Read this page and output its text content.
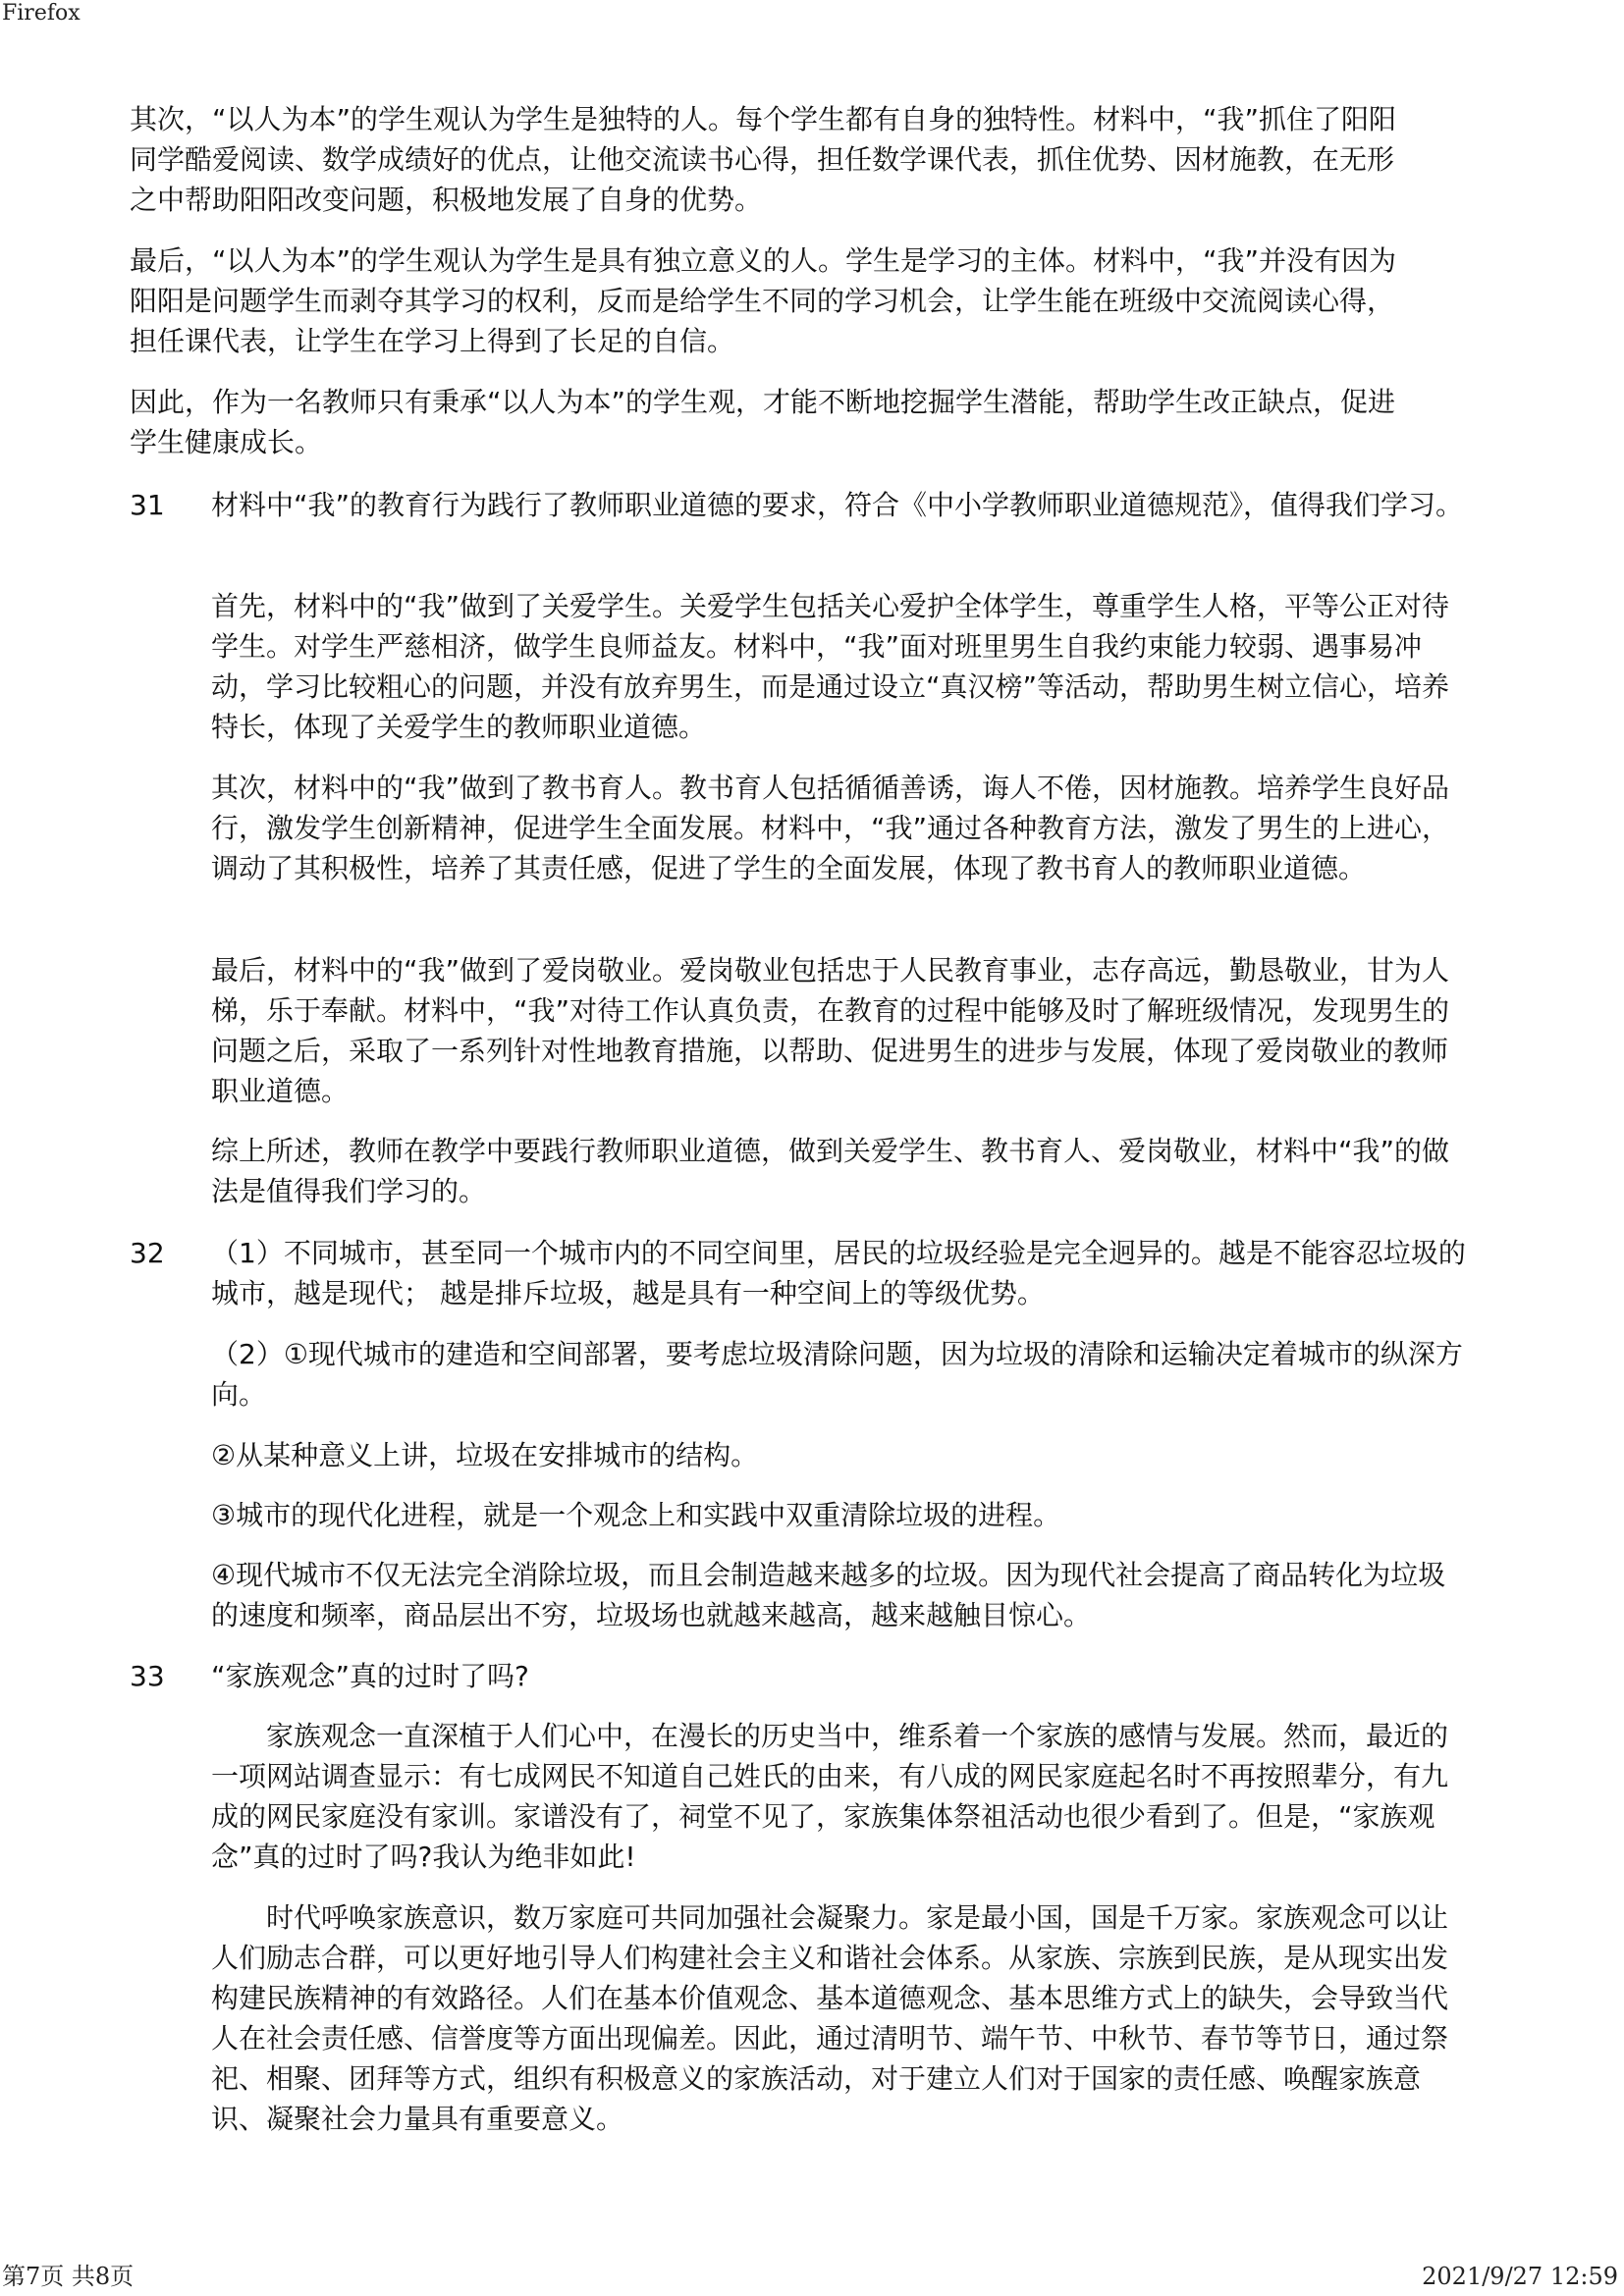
Firefox

其次，“以人为本”的学生观认为学生是独特的人。每个学生都有自身的独特性。材料中，“我”抓住了阳阳同学酷爱阅读、数学成绩好的优点，让他交流读书心得，担任数学课代表，抓住优势、因材施教，在无形之中帮助阳阳改变问题，积极地发展了自身的优势。

最后，“以人为本”的学生观认为学生是具有独立意义的人。学生是学习的主体。材料中，“我”并没有因为阳阳是问题学生而剥夺其学习的权利，反而是给学生不同的学习机会，让学生能在班级中交流阅读心得，担任课代表，让学生在学习上得到了长足的自信。

因此，作为一名教师只有秉承“以人为本”的学生观，才能不断地挖掘学生潜能，帮助学生改正缺点，促进学生健康成长。

31 材料中“我”的教育行为践行了教师职业道德的要求，符合《中小学教师职业道德规范》，值得我们学习。

首先，材料中的“我”做到了关爱学生。关爱学生包括关心爱护全体学生，尊重学生人格，平等公正对待学生。对学生严慈相济，做学生良师益友。材料中，“我”面对班里男生自我约束能力较弱、遇事易冲动，学习比较粗心的问题，并没有放弃男生，而是通过设立“真汉榜”等活动，帮助男生树立信心，培养特长，体现了关爱学生的教师职业道德。

其次，材料中的“我”做到了教书育人。教书育人包括循循善诱，诲人不倦，因材施教。培养学生良好品行，激发学生创新精神，促进学生全面发展。材料中，“我”通过各种教育方法，激发了男生的上进心，调动了其积极性，培养了其责任感，促进了学生的全面发展，体现了教书育人的教师职业道德。

最后，材料中的“我”做到了爱岗敬业。爱岗敬业包括忠于人民教育事业，志存高远，勤恳敬业，甘为人梯，乐于奉献。材料中，“我”对待工作认真负责，在教育的过程中能够及时了解班级情况，发现男生的问题之后，采取了一系列针对性地教育措施，以帮助、促进男生的进步与发展，体现了爱岗敬业的教师职业道德。

综上所述，教师在教学中要践行教师职业道德，做到关爱学生、教书育人、爱岗敬业，材料中“我”的做法是值得我们学习的。

32 （1）不同城市，甚至同一个城市内的不同空间里，居民的垃圾经验是完全迥异的。越是不能容忍垃圾的城市，越是现代； 越是排斥垃圾，越是具有一种空间上的等级优势。

（2）①现代城市的建造和空间部署，要考虑垃圾清除问题，因为垃圾的清除和运输决定着城市的纵深方向。

②从某种意义上讲，垃圾在安排城市的结构。

③城市的现代化进程，就是一个观念上和实践中双重清除垃圾的进程。

④现代城市不仅无法完全消除垃圾，而且会制造越来越多的垃圾。因为现代社会提高了商品转化为垃圾的速度和频率，商品层出不穷，垃圾场也就越来越高，越来越触目惊心。

33 “家族观念”真的过时了吗?

家族观念一直深植于人们心中，在漫长的历史当中，维系着一个家族的感情与发展。然而，最近的一项网站调查显示：有七成网民不知道自己姓氏的由来，有八成的网民家庭起名时不再按照辈分，有九成的网民家庭没有家训。家谱没有了，祠堂不见了，家族集体祭祖活动也很少看到了。但是，“家族观念”真的过时了吗?我认为绝非如此!

时代呼唤家族意识，数万家庭可共同加强社会凝聚力。家是最小国，国是千万家。家族观念可以让人们励志合群，可以更好地引导人们构建社会主义和谐社会体系。从家族、宗族到民族，是从现实出发构建民族精神的有效路径。人们在基本价值观念、基本道德观念、基本思维方式上的缺失，会导致当代人在社会责任感、信誉度等方面出现偏差。因此，通过清明节、端午节、中秋节、春节等节日，通过祭祀、相聚、团拜等方式，组织有积极意义的家族活动，对于建立人们对于国家的责任感、唤醒家族意识、凝聚社会力量具有重要意义。

第7页 共8页	2021/9/27 12:59
